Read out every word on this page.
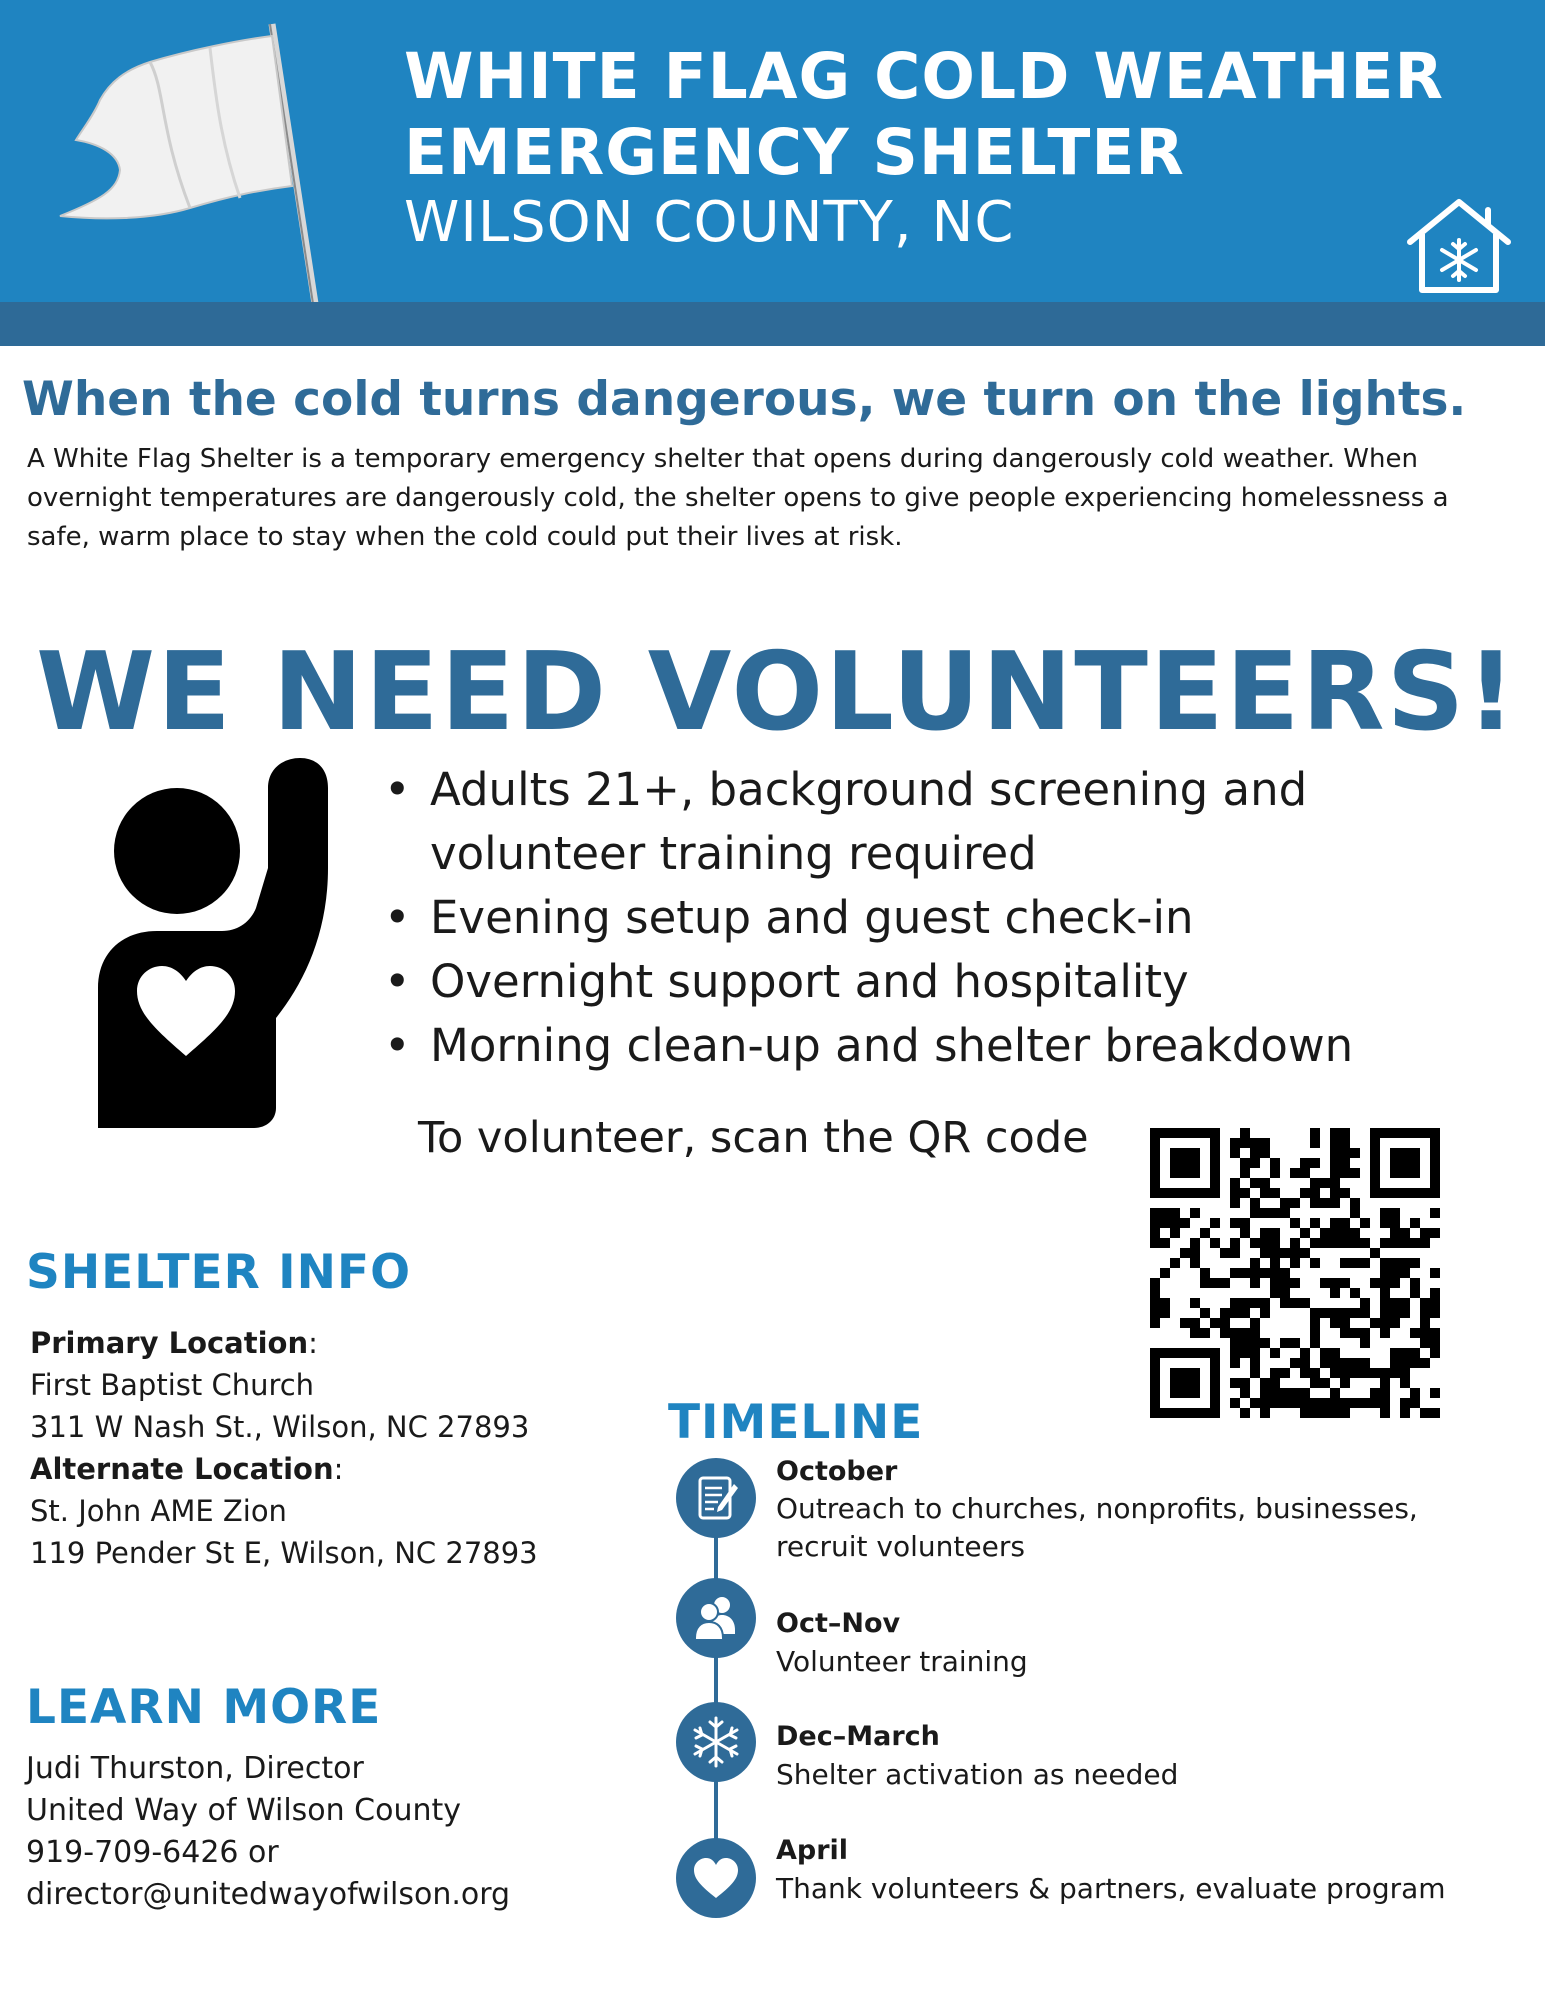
WHITE FLAG COLD WEATHER
EMERGENCY SHELTER
WILSON COUNTY, NC
When the cold turns dangerous, we turn on the lights.

A White Flag Shelter is a temporary emergency shelter that opens during dangerously cold weather. When overnight temperatures are dangerously cold, the shelter opens to give people experiencing homelessness a safe, warm place to stay when the cold could put their lives at risk.

WE NEED VOLUNTEERS!
• Adults 21+, background screening and volunteer training required
• Evening setup and guest check-in
• Overnight support and hospitality
• Morning clean-up and shelter breakdown
To volunteer, scan the QR code
SHELTER INFO
Primary Location:
First Baptist Church
311 W Nash St., Wilson, NC 27893
Alternate Location:
St. John AME Zion
119 Pender St E, Wilson, NC 27893
LEARN MORE
Judi Thurston, Director
United Way of Wilson County
919-709-6426 or
director@unitedwayofwilson.org
TIMELINE
October
Outreach to churches, nonprofits, businesses, recruit volunteers
Oct–Nov
Volunteer training
Dec–March
Shelter activation as needed
April
Thank volunteers & partners, evaluate program
